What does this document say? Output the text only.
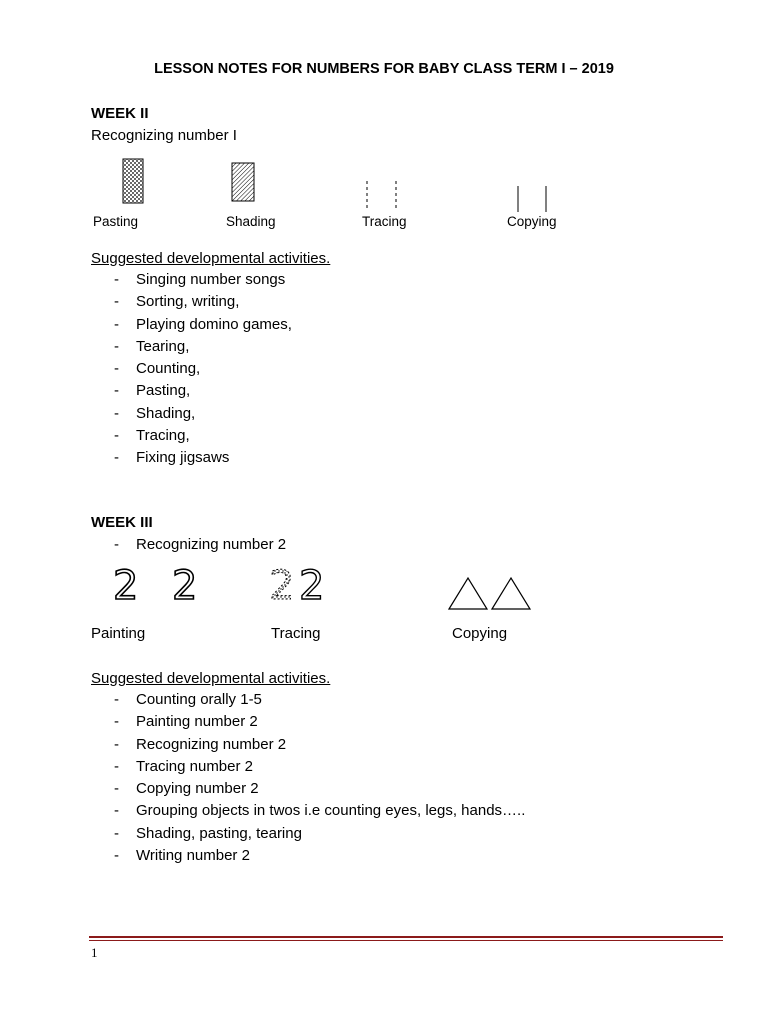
LESSON NOTES FOR NUMBERS FOR BABY CLASS TERM I – 2019
WEEK II
Recognizing number I
Pasting	Shading	Tracing	Copying
Suggested developmental activities.
- Singing number songs
- Sorting, writing,
- Playing domino games,
- Tearing,
- Counting,
- Pasting,
- Shading,
- Tracing,
- Fixing jigsaws
WEEK III
- Recognizing number 2
2 2 2 2
Painting	Tracing	Copying
Suggested developmental activities.
- Counting orally 1-5
- Painting number 2
- Recognizing number 2
- Tracing number 2
- Copying number 2
- Grouping objects in twos i.e counting eyes, legs, hands…..
- Shading, pasting, tearing
- Writing number 2
1
